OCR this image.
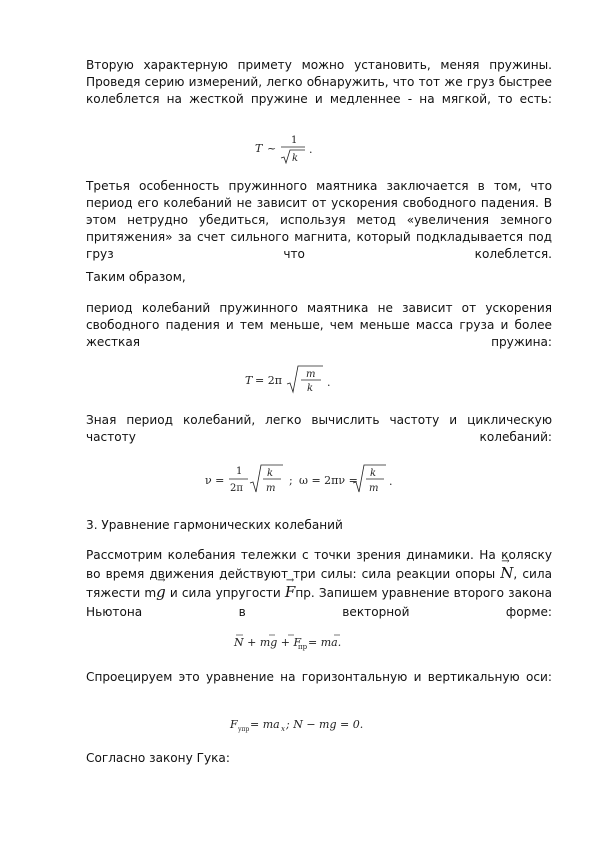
Вторую характерную примету можно установить, меняя пружины. Проведя серию измерений, легко обнаружить, что тот же груз быстрее колеблется на жесткой пружине и медленнее - на мягкой, то есть:
T ~
1
k
.
Третья особенность пружинного маятника заключается в том, что период его колебаний не зависит от ускорения свободного падения. В этом нетрудно убедиться, используя метод «увеличения земного притяжения» за счет сильного магнита, который подкладывается под груз что колеблется.
Таким образом,
период колебаний пружинного маятника не зависит от ускорения свободного падения и тем меньше, чем меньше масса груза и более жесткая пружина:
T = 2π m
k .
Зная период колебаний, легко вычислить частоту и циклическую частоту колебаний:
ν =
1
2π
k
m
; ω = 2πν =
k
m
.
3. Уравнение гармонических колебаний
Рассмотрим колебания тележки с точки зрения динамики. На коляску во время движения действуют три силы: сила реакции опоры → N, сила тяжести m→ g и сила упругости → Fпр. Запишем уравнение второго закона Ньютона в векторной форме:
N + mg + F
пр = ma.
Спроецируем это уравнение на горизонтальную и вертикальную оси:
F упр = ma x ; N − mg = 0.
Согласно закону Гука:
